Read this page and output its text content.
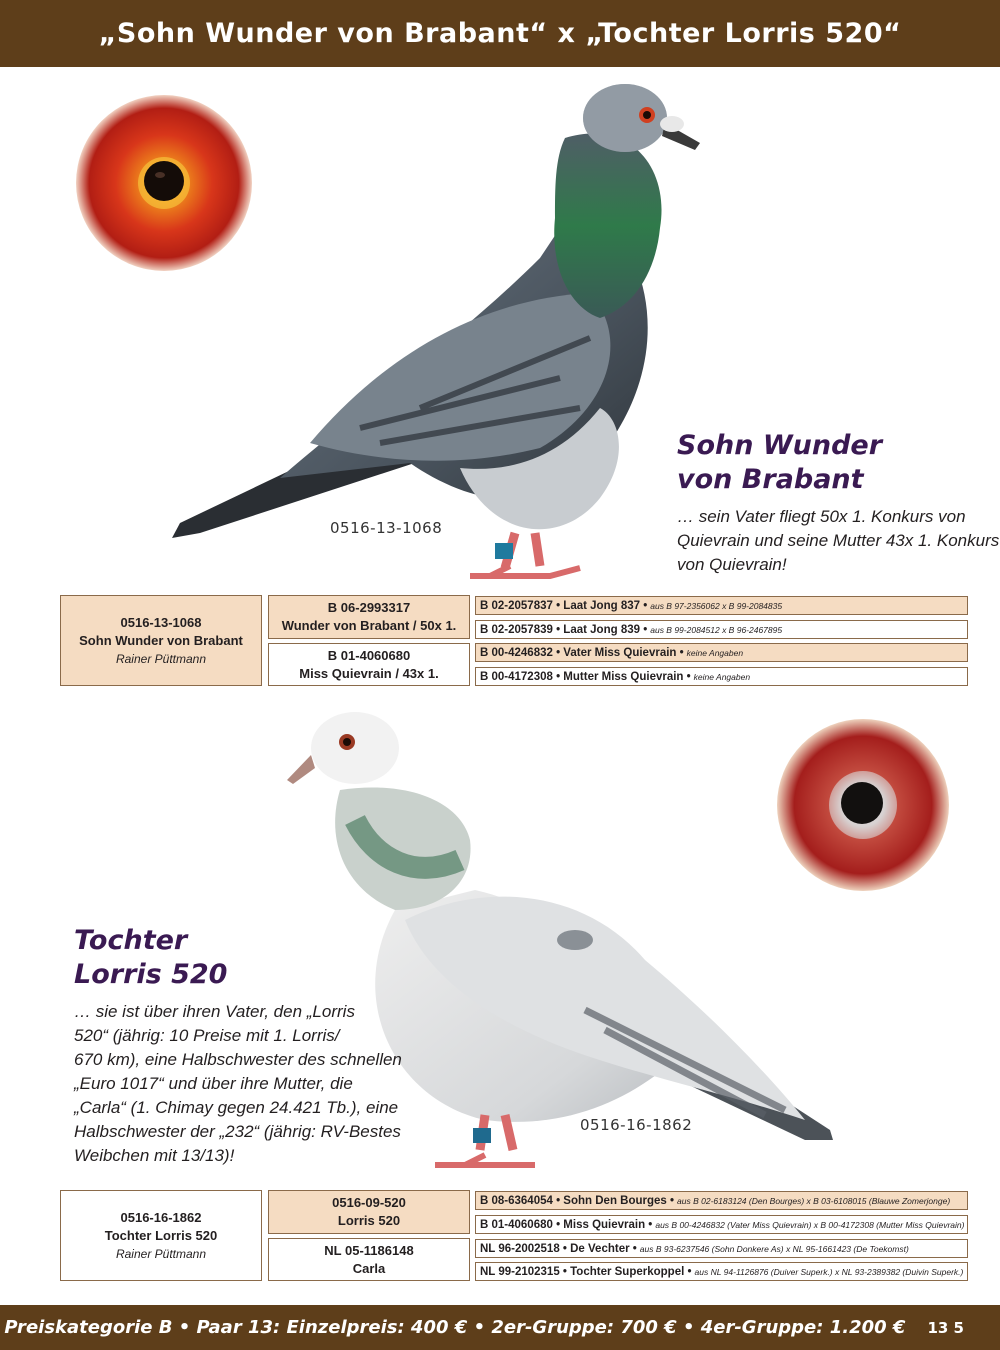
„Sohn Wunder von Brabant“ x „Tochter Lorris 520“
0516-13-1068
Sohn Wunder
von Brabant
… sein Vater fliegt 50x 1. Konkurs von
Quievrain und seine Mutter 43x 1. Konkurs
von Quievrain!
0516-13-1068
Sohn Wunder von Brabant
Rainer Püttmann
B 06-2993317
Wunder von Brabant / 50x 1.
B 01-4060680
Miss Quievrain / 43x 1.
B 02-2057837 • Laat Jong 837 • aus B 97-2356062 x B 99-2084835
B 02-2057839 • Laat Jong 839 • aus B 99-2084512 x B 96-2467895
B 00-4246832 • Vater Miss Quievrain • keine Angaben
B 00-4172308 • Mutter Miss Quievrain • keine Angaben
0516-16-1862
Tochter
Lorris 520
… sie ist über ihren Vater, den „Lorris
520“ (jährig: 10 Preise mit 1. Lorris/
670 km), eine Halbschwester des schnellen
„Euro 1017“ und über ihre Mutter, die
„Carla“ (1. Chimay gegen 24.421 Tb.), eine
Halbschwester der „232“ (jährig: RV-Bestes
Weibchen mit 13/13)!
0516-16-1862
Tochter Lorris 520
Rainer Püttmann
0516-09-520
Lorris 520
NL 05-1186148
Carla
B 08-6364054 • Sohn Den Bourges • aus B 02-6183124 (Den Bourges) x B 03-6108015 (Blauwe Zomerjonge)
B 01-4060680 • Miss Quievrain • aus B 00-4246832 (Vater Miss Quievrain) x B 00-4172308 (Mutter Miss Quievrain)
NL 96-2002518 • De Vechter • aus B 93-6237546 (Sohn Donkere As) x NL 95-1661423 (De Toekomst)
NL 99-2102315 • Tochter Superkoppel • aus NL 94-1126876 (Duiver Superk.) x NL 93-2389382 (Duivin Superk.)
Preiskategorie B • Paar 13: Einzelpreis: 400 € • 2er-Gruppe: 700 € • 4er-Gruppe: 1.200 € 13 5
